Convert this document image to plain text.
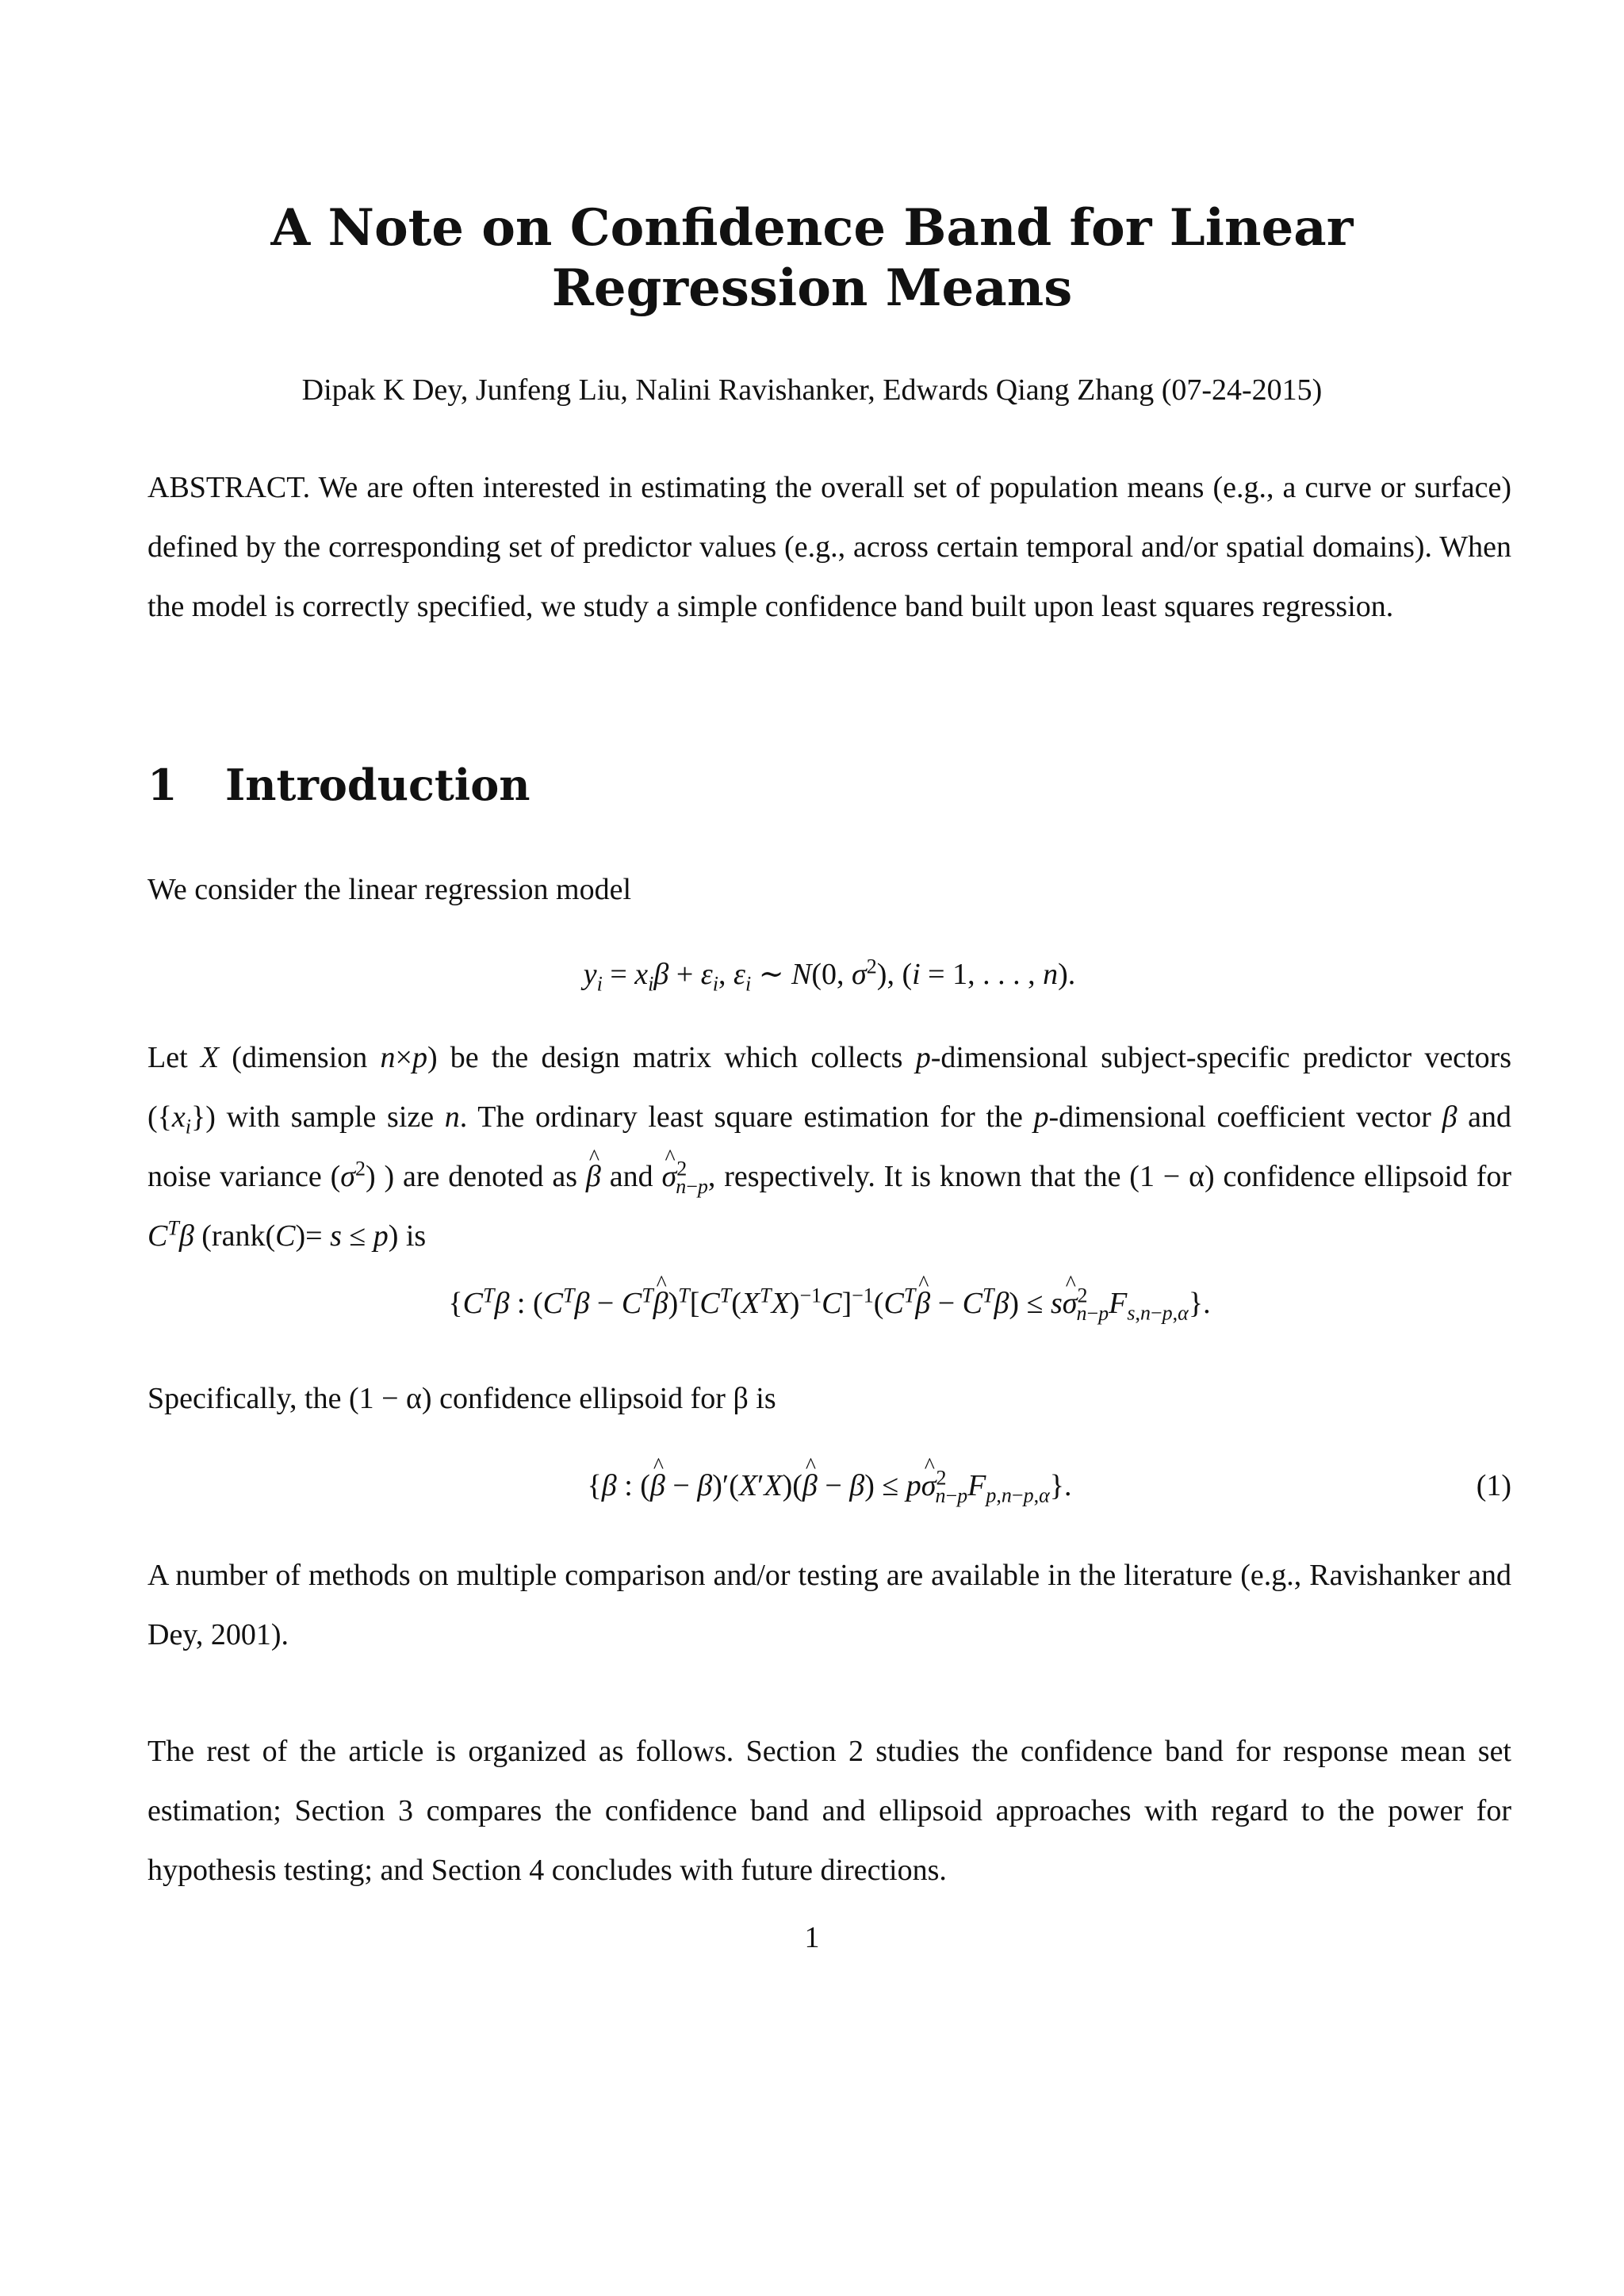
A Note on Confidence Band for Linear
Regression Means
Dipak K Dey, Junfeng Liu, Nalini Ravishanker, Edwards Qiang Zhang (07-24-2015)
ABSTRACT. We are often interested in estimating the overall set of population means (e.g., a curve or surface) defined by the corresponding set of predictor values (e.g., across certain temporal and/or spatial domains). When the model is correctly specified, we study a simple confidence band built upon least squares regression.
1 Introduction
We consider the linear regression model
$y_i = x_i\beta + \varepsilon_i$, $\varepsilon_i$ ∼ N(0, $\sigma^2$), (i = 1, . . . , n).
Let X (dimension n×p) be the design matrix which collects p-dimensional subject-specific predictor vectors $(\{x_i\})$ with sample size n. The ordinary least square estimation for the p-dimensional coefficient vector β and noise variance $(\sigma^2)$ ) are denoted as ^ β and ^ $\sigma^2_{n-p}$, respectively. It is known that the (1 − α) confidence ellipsoid for $C^T\beta$ (rank(C)= s ≤ p) is
{$C^T\beta$ : ($C^T\beta$ − $C^T\^{}$ $\beta)^T[C^T(X^TX)^{-1}C]^{-1}(C^T\^{}$ $\beta - C^T\beta$) ≤ s^ $\sigma^2_{n-p}F_{s,n-p,\alpha}$}.
Specifically, the (1 − α) confidence ellipsoid for β is
{β : (^ β − β)′(X′X)(^ β − β) ≤ p^ $\sigma^2_{n-p}F_{p,n-p,\alpha}$}.	(1)
A number of methods on multiple comparison and/or testing are available in the literature (e.g., Ravishanker and Dey, 2001).
The rest of the article is organized as follows. Section 2 studies the confidence band for response mean set estimation; Section 3 compares the confidence band and ellipsoid approaches with regard to the power for hypothesis testing; and Section 4 concludes with future directions.
1
